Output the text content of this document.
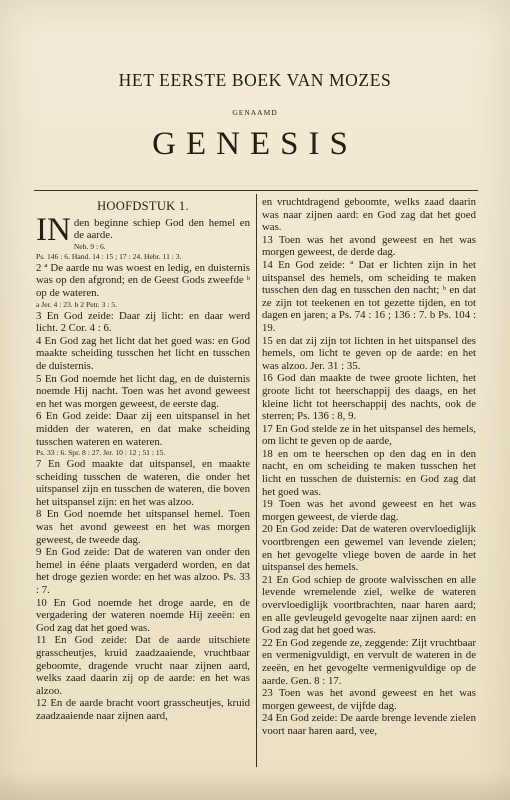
HET EERSTE BOEK VAN MOZES
GENAAMD
GENESIS
HOOFDSTUK 1.
IN den beginne schiep God den hemel en de aarde.

Neh. 9 : 6.

Ps. 146 : 6. Hand. 14 : 15 ; 17 : 24. Hebr. 11 : 3.

2 ª De aarde nu was woest en ledig, en duisternis was op den afgrond; en de Geest Gods zweefde ᵇ op de wateren.

a Jer. 4 : 23. b 2 Petr. 3 : 5.

3 En God zeide: Daar zij licht: en daar werd licht. 2 Cor. 4 : 6.

4 En God zag het licht dat het goed was: en God maakte scheiding tusschen het licht en tusschen de duisternis.

5 En God noemde het licht dag, en de duisternis noemde Hij nacht. Toen was het avond geweest en het was morgen geweest, de eerste dag.

6 En God zeide: Daar zij een uitspansel in het midden der wateren, en dat make scheiding tusschen wateren en wateren.

Ps. 33 : 6. Spr. 8 : 27. Jer. 10 : 12 ; 51 : 15.

7 En God maakte dat uitspansel, en maakte scheiding tusschen de wateren, die onder het uitspansel zijn en tusschen de wateren, die boven het uitspansel zijn: en het was alzoo.

8 En God noemde het uitspansel hemel. Toen was het avond geweest en het was morgen geweest, de tweede dag.

9 En God zeide: Dat de wateren van onder den hemel in ééne plaats vergaderd worden, en dat het droge gezien worde: en het was alzoo. Ps. 33 : 7.

10 En God noemde het droge aarde, en de vergadering der wateren noemde Hij zeeën: en God zag dat het goed was.

11 En God zeide: Dat de aarde uitschiete grasscheutjes, kruid zaadzaaiende, vruchtbaar geboomte, dragende vrucht naar zijnen aard, welks zaad daarin zij op de aarde: en het was alzoo.

12 En de aarde bracht voort grasscheutjes, kruid zaadzaaiende naar zijnen aard,

en vruchtdragend geboomte, welks zaad daarin was naar zijnen aard: en God zag dat het goed was.

13 Toen was het avond geweest en het was morgen geweest, de derde dag.

14 En God zeide: ª Dat er lichten zijn in het uitspansel des hemels, om scheiding te maken tusschen den dag en tusschen den nacht; ᵇ en dat ze zijn tot teekenen en tot gezette tijden, en tot dagen en jaren; a Ps. 74 : 16 ; 136 : 7. b Ps. 104 : 19.

15 en dat zij zijn tot lichten in het uitspansel des hemels, om licht te geven op de aarde: en het was alzoo. Jer. 31 : 35.

16 God dan maakte de twee groote lichten, het groote licht tot heerschappij des daags, en het kleine licht tot heerschappij des nachts, ook de sterren; Ps. 136 : 8, 9.

17 En God stelde ze in het uitspansel des hemels, om licht te geven op de aarde,

18 en om te heerschen op den dag en in den nacht, en om scheiding te maken tusschen het licht en tusschen de duisternis: en God zag dat het goed was.

19 Toen was het avond geweest en het was morgen geweest, de vierde dag.

20 En God zeide: Dat de wateren overvloediglijk voortbrengen een gewemel van levende zielen; en het gevogelte vliege boven de aarde in het uitspansel des hemels.

21 En God schiep de groote walvisschen en alle levende wremelende ziel, welke de wateren overvloediglijk voortbrachten, naar haren aard; en alle gevleugeld gevogelte naar zijnen aard: en God zag dat het goed was.

22 En God zegende ze, zeggende: Zijt vruchtbaar en vermenigvuldigt, en vervult de wateren in de zeeën, en het gevogelte vermenigvuldige op de aarde. Gen. 8 : 17.

23 Toen was het avond geweest en het was morgen geweest, de vijfde dag.

24 En God zeide: De aarde brenge levende zielen voort naar haren aard, vee,
